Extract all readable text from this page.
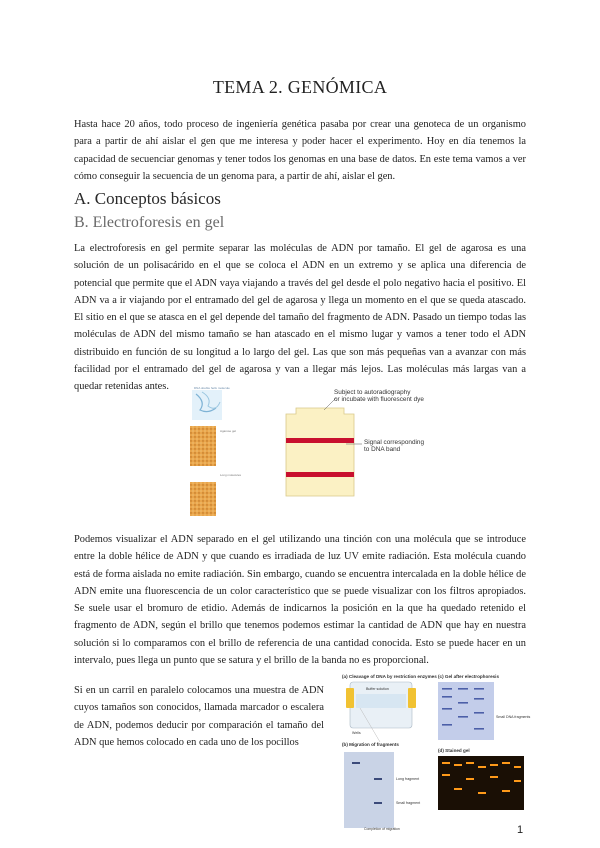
TEMA 2. GENÓMICA

Hasta hace 20 años, todo proceso de ingeniería genética pasaba por crear una genoteca de un organismo para a partir de ahí aislar el gen que me interesa y poder hacer el experimento. Hoy en día tenemos la capacidad de secuenciar genomas y tener todos los genomas en una base de datos. En este tema vamos a ver cómo conseguir la secuencia de un genoma para, a partir de ahí, aislar el gen.

A. Conceptos básicos
B. Electroforesis en gel

La electroforesis en gel permite separar las moléculas de ADN por tamaño. El gel de agarosa es una solución de un polisacárido en el que se coloca el ADN en un extremo y se aplica una diferencia de potencial que permite que el ADN vaya viajando a través del gel desde el polo negativo hacia el positivo. El ADN va a ir viajando por el entramado del gel de agarosa y llega un momento en el que se queda atascado. El sitio en el que se atasca en el gel depende del tamaño del fragmento de ADN. Pasado un tiempo todas las moléculas de ADN del mismo tamaño se han atascado en el mismo lugar y vamos a tener todo el ADN distribuido en función de su longitud a lo largo del gel. Las que son más pequeñas van a avanzar con más facilidad por el entramado del gel de agarosa y van a llegar más lejos. Las moléculas más largas van a quedar retenidas antes.	DNA double helix molecule
Agarose gel
Long molecules
Subject to autoradiography or incubate with fluorescent dye
Signal corresponding to DNA band

Podemos visualizar el ADN separado en el gel utilizando una tinción con una molécula que se introduce entre la doble hélice de ADN y que cuando es irradiada de luz UV emite radiación. Esta molécula cuando está de forma aislada no emite radiación. Sin embargo, cuando se encuentra intercalada en la doble hélice de ADN emite una fluorescencia de un color característico que se puede visualizar con los filtros apropiados. Se suele usar el bromuro de etidio. Además de indicarnos la posición en la que ha quedado retenido el fragmento de ADN, según el brillo que tenemos podemos estimar la cantidad de ADN que hay en nuestra solución si lo comparamos con el brillo de referencia de una cantidad conocida. Esto se puede hacer en un intervalo, pues llega un punto que se satura y el brillo de la banda no es proporcional.

Si en un carril en paralelo colocamos una muestra de ADN cuyos tamaños son conocidos, llamada marcador o escalera de ADN, podemos deducir por comparación el tamaño del ADN que hemos colocado en cada uno de los pocillos

(a) Cleavage of DNA by restriction enzymes
Buffer solution
Wells
(b) Migration of fragments
Long fragment
Small fragment
Completion of migration
(c) Gel after electrophoresis
Small DNA fragments
(d) Stained gel
1
